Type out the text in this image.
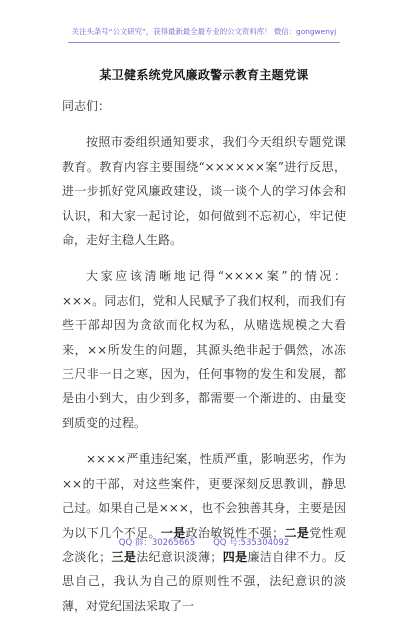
关注头条号“公文研究”，获得最新最全最专业的公文资料库！ 微信：gongwenyj
某卫健系统党风廉政警示教育主题党课

同志们：

按照市委组织通知要求，我们今天组织专题党课教育。教育内容主要围绕“××××××案”进行反思，进一步抓好党风廉政建设，谈一谈个人的学习体会和认识，和大家一起讨论，如何做到不忘初心，牢记使命，走好主稳人生路。

大家应该清晰地记得“××××案”的情况：×××。同志们，党和人民赋予了我们权利，而我们有些干部却因为贪欲而化权为私，从赌选规模之大看来，××所发生的问题，其源头绝非起于偶然，冰冻三尺非一日之寒，因为，任何事物的发生和发展，都是由小到大，由少到多，都需要一个渐进的、由量变到质变的过程。

××××严重违纪案，性质严重，影响恶劣，作为××的干部，对这些案件，更要深刻反思教训，静思己过。如果自己是×××，也不会独善其身，主要是因为以下几个不足。一是政治敏锐性不强；二是党性观念淡化；三是法纪意识淡薄；四是廉洁自律不力。反思自己，我认为自己的原则性不强，法纪意识的淡薄，对党纪国法采取了一

QQ 群：30265665 QQ 号:535304092
